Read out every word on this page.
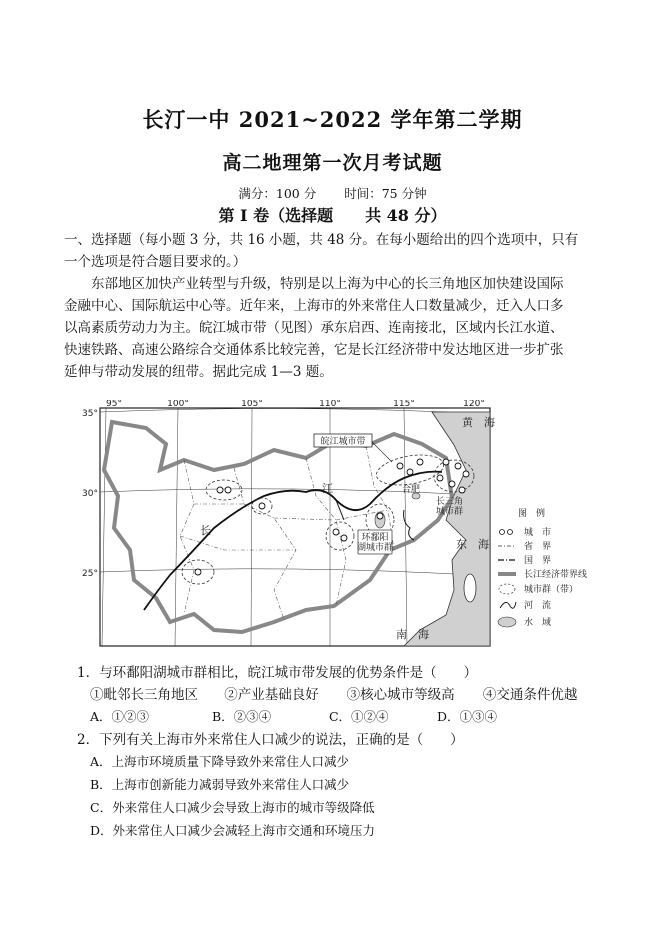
长汀一中 2021~2022 学年第二学期
高二地理第一次月考试题
满分：100 分 时间：75 分钟
第 I 卷（选择题　　共 48 分）
一、选择题（每小题 3 分，共 16 小题，共 48 分。在每小题给出的四个选项中，只有
一个选项是符合题目要求的。）
东部地区加快产业转型与升级，特别是以上海为中心的长三角地区加快建设国际
金融中心、国际航运中心等。近年来，上海市的外来常住人口数量减少，迁入人口多
以高素质劳动力为主。皖江城市带（见图）承东启西、连南接北，区域内长江水道、
快速铁路、高速公路综合交通体系比较完善，它是长江经济带中发达地区进一步扩张
延伸与带动发展的纽带。据此完成 1—3 题。
35°
30°
25°
95°	100°	105°	110°	115°	120°
皖江城市带
合肥
江
长
长三角
城市群
环鄱阳
湖城市群
黄　海
东　海
南　海
图　例
城　市
省　界
国　界
长江经济带界线
城市群（带）
河　流
水　域
1．与环鄱阳湖城市群相比，皖江城市带发展的优势条件是（　　）
①毗邻长三角地区 ②产业基础良好 ③核心城市等级高 ④交通条件优越
A．①②③	B．②③④	C．①②④	D．①③④
2．下列有关上海市外来常住人口减少的说法，正确的是（　　）
A．上海市环境质量下降导致外来常住人口减少
B．上海市创新能力减弱导致外来常住人口减少
C．外来常住人口减少会导致上海市的城市等级降低
D．外来常住人口减少会减轻上海市交通和环境压力
